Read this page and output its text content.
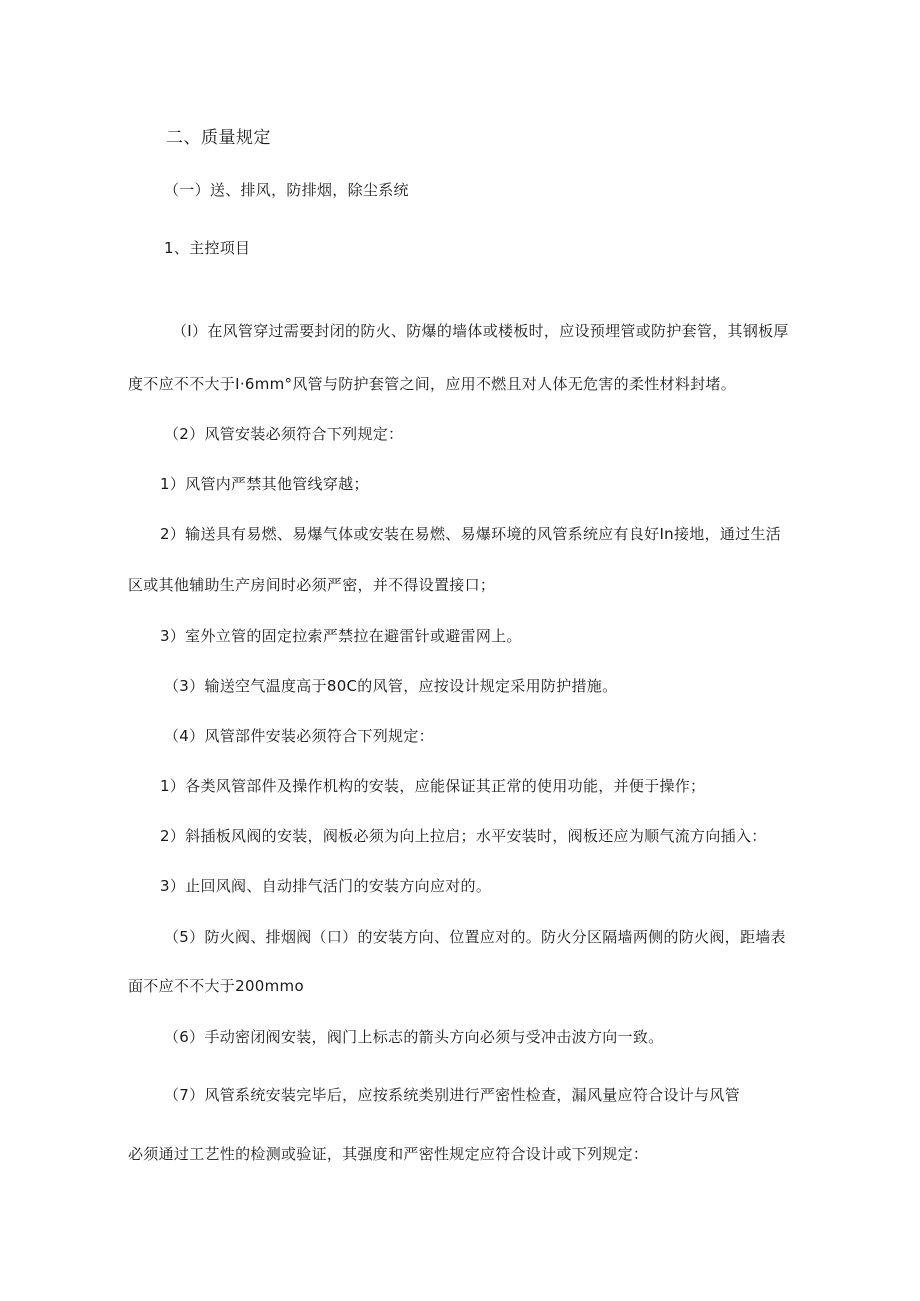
二、质量规定
（一）送、排风，防排烟，除尘系统
1、主控项目
（I）在风管穿过需要封闭的防火、防爆的墙体或楼板时，应设预埋管或防护套管，其钢板厚
度不应不不大于I·6mm°风管与防护套管之间，应用不燃且对人体无危害的柔性材料封堵。
（2）风管安装必须符合下列规定：
1）风管内严禁其他管线穿越；
2）输送具有易燃、易爆气体或安装在易燃、易爆环境的风管系统应有良好In接地，通过生活
区或其他辅助生产房间时必须严密，并不得设置接口；
3）室外立管的固定拉索严禁拉在避雷针或避雷网上。
（3）输送空气温度高于80C的风管，应按设计规定采用防护措施。
（4）风管部件安装必须符合下列规定：
1）各类风管部件及操作机构的安装，应能保证其正常的使用功能，并便于操作；
2）斜插板风阀的安装，阀板必须为向上拉启；水平安装时，阀板还应为顺气流方向插入：
3）止回风阀、自动排气活门的安装方向应对的。
（5）防火阀、排烟阀（口）的安装方向、位置应对的。防火分区隔墙两侧的防火阀，距墙表
面不应不不大于200mmo
（6）手动密闭阀安装，阀门上标志的箭头方向必须与受冲击波方向一致。
（7）风管系统安装完毕后，应按系统类别进行严密性检查，漏风量应符合设计与风管
必须通过工艺性的检测或验证，其强度和严密性规定应符合设计或下列规定：
